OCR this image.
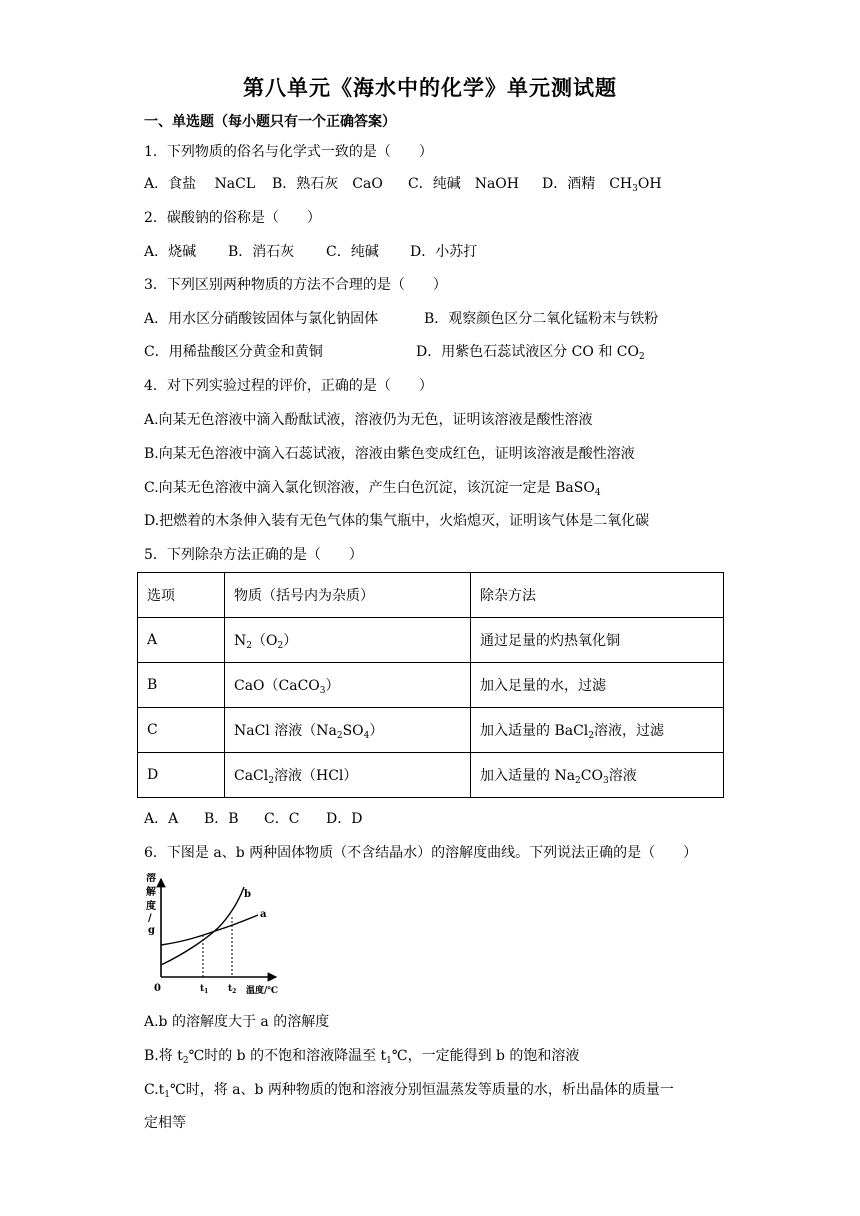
第八单元《海水中的化学》单元测试题
一、单选题（每小题只有一个正确答案）
1．下列物质的俗名与化学式一致的是（　　）
A．食盐　 NaCL B．熟石灰　CaO C．纯碱　NaOH D．酒精　$CH_3OH$
2．碳酸钠的俗称是（　　）
A．烧碱 B．消石灰 C．纯碱 D．小苏打
3．下列区别两种物质的方法不合理的是（　　）
A．用水区分硝酸铵固体与氯化钠固体	B．观察颜色区分二氧化锰粉末与铁粉
C．用稀盐酸区分黄金和黄铜	D．用紫色石蕊试液区分 CO 和 $CO_2$
4．对下列实验过程的评价，正确的是（　　）
A.向某无色溶液中滴入酚酞试液，溶液仍为无色，证明该溶液是酸性溶液
B.向某无色溶液中滴入石蕊试液，溶液由紫色变成红色，证明该溶液是酸性溶液
C.向某无色溶液中滴入氯化钡溶液，产生白色沉淀，该沉淀一定是 BaSO$_4$
D.把燃着的木条伸入装有无色气体的集气瓶中，火焰熄灭，证明该气体是二氧化碳
5．下列除杂方法正确的是（　　）
选项	物质（括号内为杂质）	除杂方法
A	$N_2(O_2)$	通过足量的灼热氧化铜
B	CaO（CaCO$_3$）	加入足量的水，过滤
C	NaCl 溶液$(Na_2SO_4)$	加入适量的 BaCl$_2$溶液，过滤
D	CaCl$_2$溶液（HCl）	加入适量的 $Na_2CO_3$溶液
A．A B．B C．C D．D
6．下图是 a、b 两种固体物质（不含结晶水）的溶解度曲线。下列说法正确的是（　　）
溶
解
度
/
g
b
a
0	$t_1$ $t_2$ 温度/℃
A.b 的溶解度大于 a 的溶解度
B.将 $t_2℃$时的 b 的不饱和溶液降温至 $t_1℃$，一定能得到 b 的饱和溶液
$C.t_1℃$时，将 a、b 两种物质的饱和溶液分别恒温蒸发等质量的水，析出晶体的质量一
定相等
